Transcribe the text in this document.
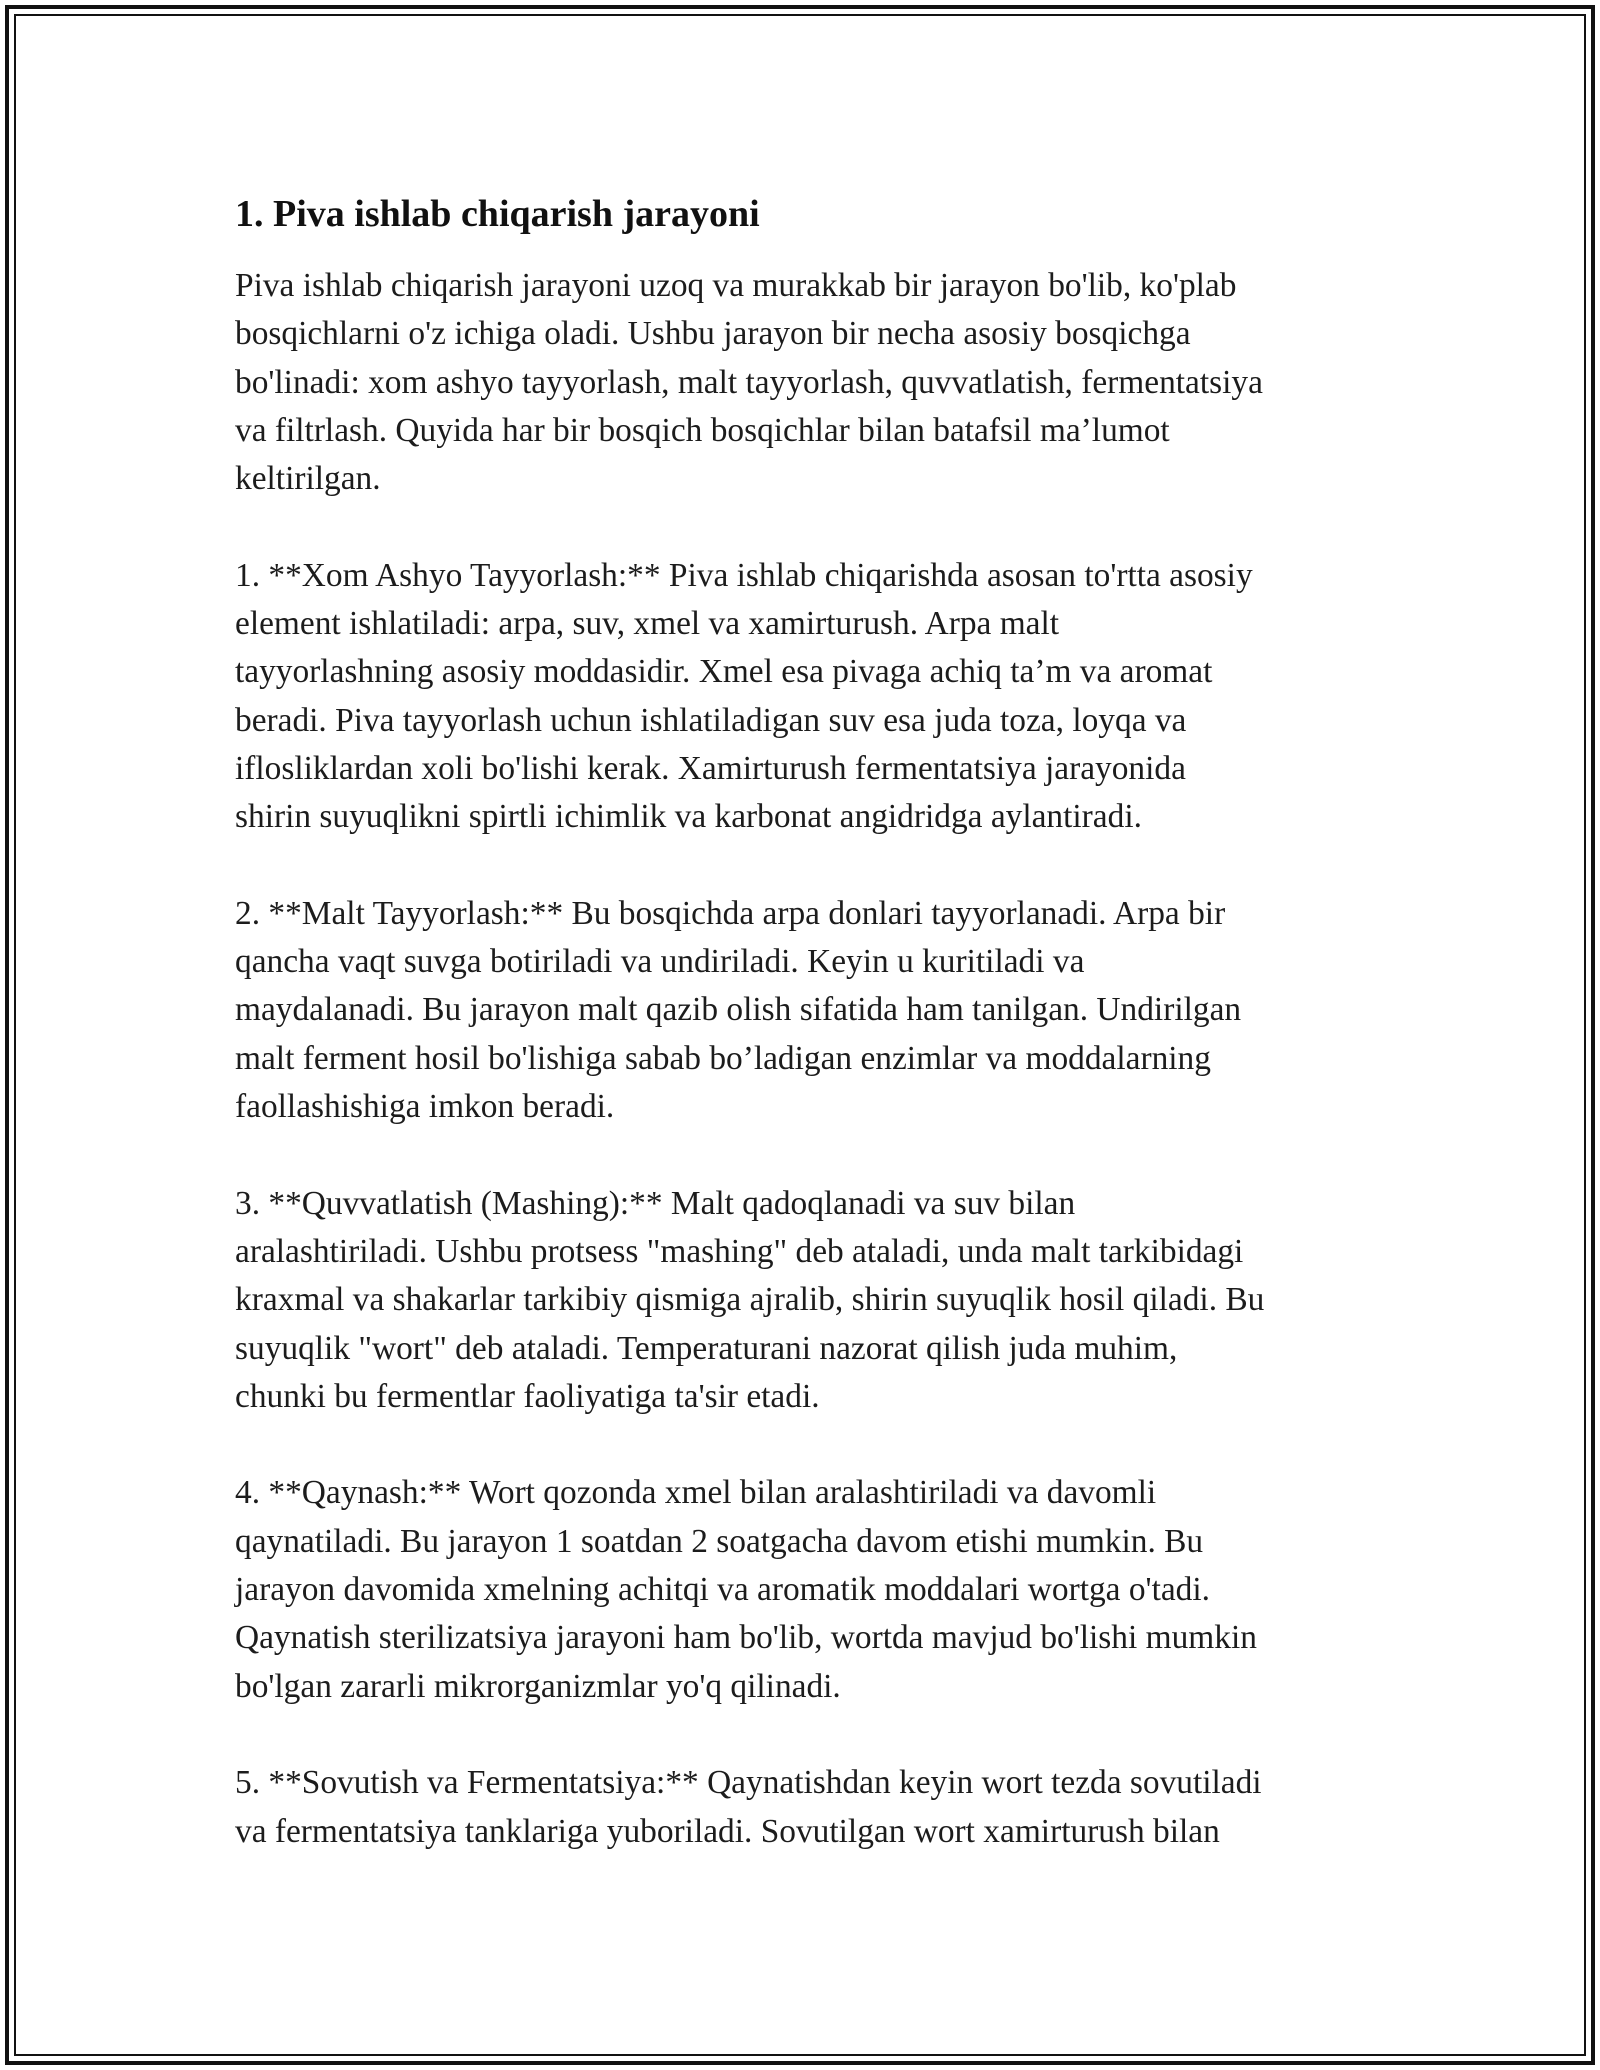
1. Piva ishlab chiqarish jarayoni

Piva ishlab chiqarish jarayoni uzoq va murakkab bir jarayon bo'lib, ko'plab
bosqichlarni o'z ichiga oladi. Ushbu jarayon bir necha asosiy bosqichga
bo'linadi: xom ashyo tayyorlash, malt tayyorlash, quvvatlatish, fermentatsiya
va filtrlash. Quyida har bir bosqich bosqichlar bilan batafsil ma’lumot
keltirilgan.

1. **Xom Ashyo Tayyorlash:** Piva ishlab chiqarishda asosan to'rtta asosiy
element ishlatiladi: arpa, suv, xmel va xamirturush. Arpa malt
tayyorlashning asosiy moddasidir. Xmel esa pivaga achiq ta’m va aromat
beradi. Piva tayyorlash uchun ishlatiladigan suv esa juda toza, loyqa va
iflosliklardan xoli bo'lishi kerak. Xamirturush fermentatsiya jarayonida
shirin suyuqlikni spirtli ichimlik va karbonat angidridga aylantiradi.

2. **Malt Tayyorlash:** Bu bosqichda arpa donlari tayyorlanadi. Arpa bir
qancha vaqt suvga botiriladi va undiriladi. Keyin u kuritiladi va
maydalanadi. Bu jarayon malt qazib olish sifatida ham tanilgan. Undirilgan
malt ferment hosil bo'lishiga sabab bo’ladigan enzimlar va moddalarning
faollashishiga imkon beradi.

3. **Quvvatlatish (Mashing):** Malt qadoqlanadi va suv bilan
aralashtiriladi. Ushbu protsess "mashing" deb ataladi, unda malt tarkibidagi
kraxmal va shakarlar tarkibiy qismiga ajralib, shirin suyuqlik hosil qiladi. Bu
suyuqlik "wort" deb ataladi. Temperaturani nazorat qilish juda muhim,
chunki bu fermentlar faoliyatiga ta'sir etadi.

4. **Qaynash:** Wort qozonda xmel bilan aralashtiriladi va davomli
qaynatiladi. Bu jarayon 1 soatdan 2 soatgacha davom etishi mumkin. Bu
jarayon davomida xmelning achitqi va aromatik moddalari wortga o'tadi.
Qaynatish sterilizatsiya jarayoni ham bo'lib, wortda mavjud bo'lishi mumkin
bo'lgan zararli mikrorganizmlar yo'q qilinadi.

5. **Sovutish va Fermentatsiya:** Qaynatishdan keyin wort tezda sovutiladi
va fermentatsiya tanklariga yuboriladi. Sovutilgan wort xamirturush bilan
